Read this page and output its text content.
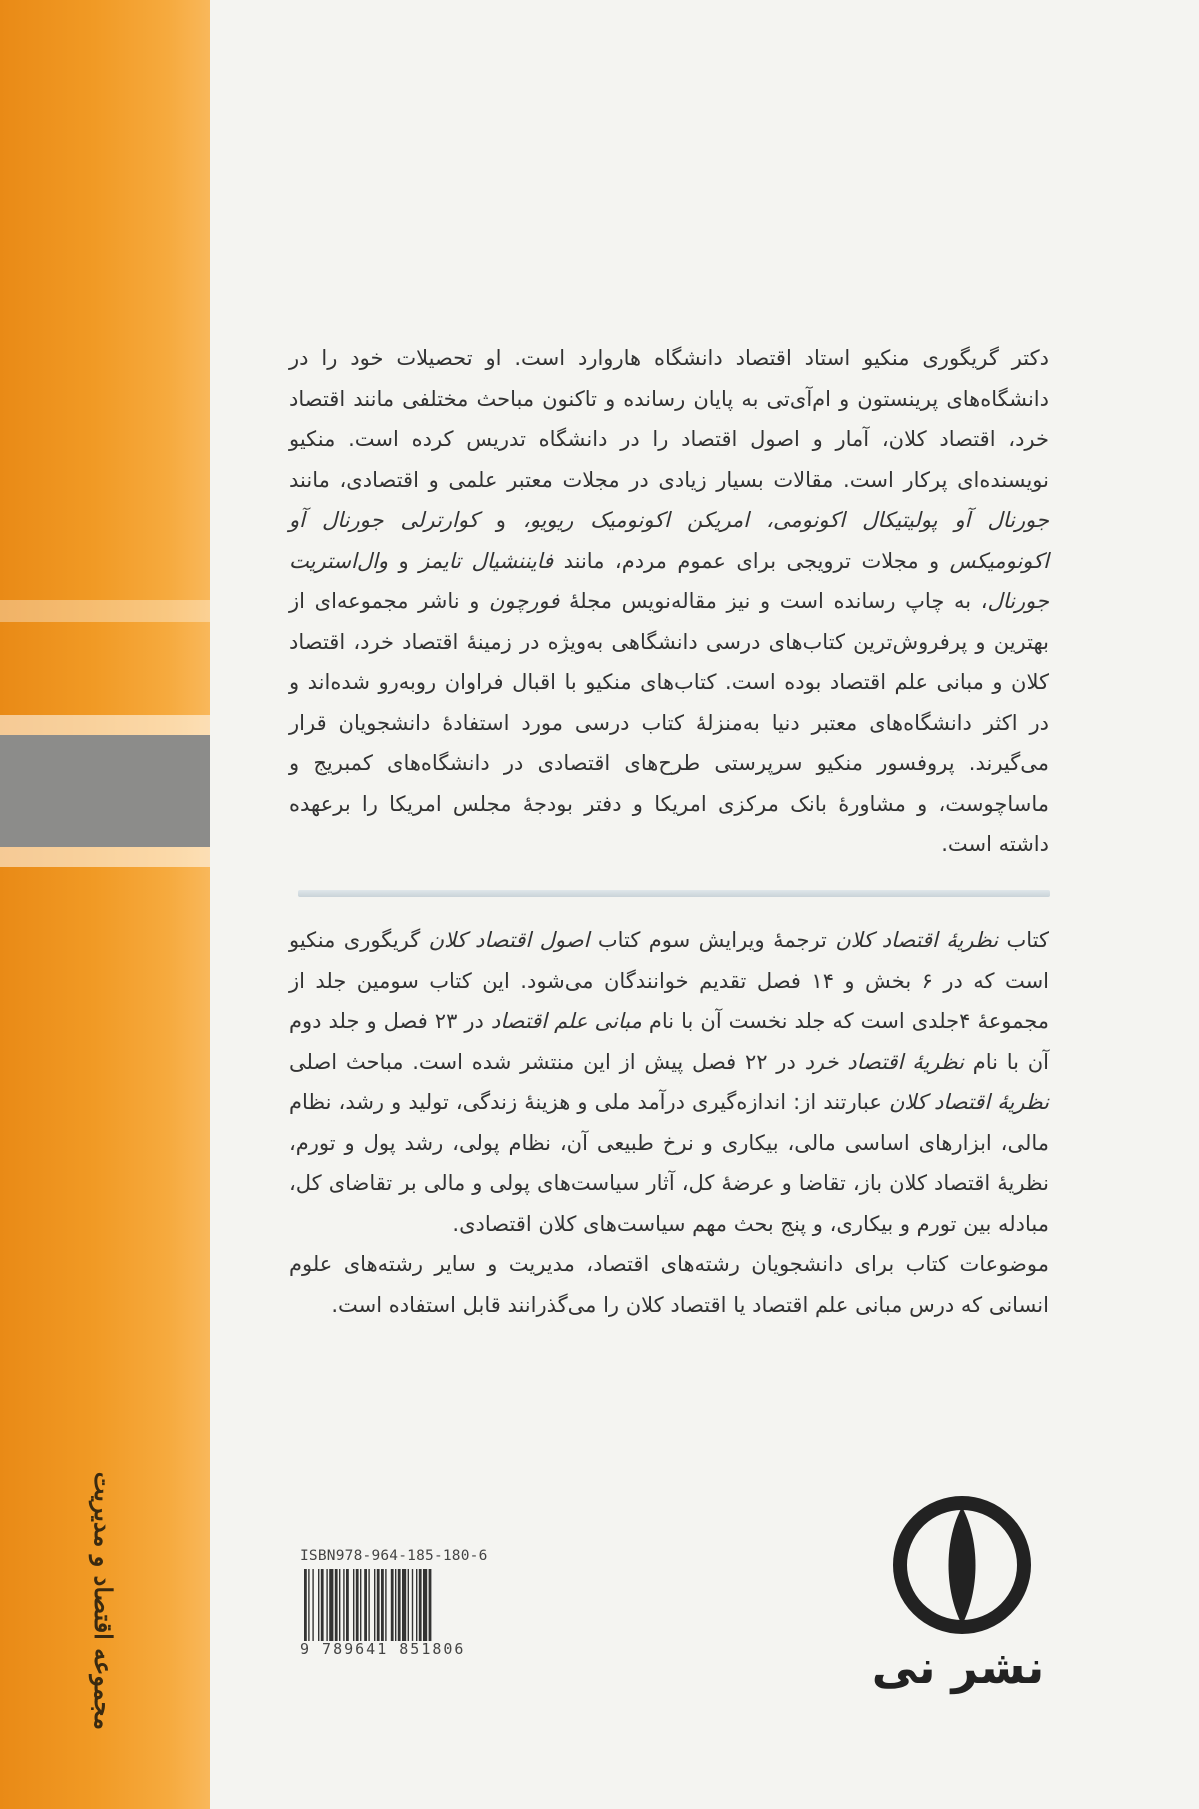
مجموعه اقتصاد و مدیریت

دکتر گریگوری منکیو استاد اقتصاد دانشگاه هاروارد است. او تحصیلات خود را در دانشگاه‌های پرینستون و ام‌آی‌تی به پایان رسانده و تاکنون مباحث مختلفی مانند اقتصاد خرد، اقتصاد کلان، آمار و اصول اقتصاد را در دانشگاه تدریس کرده است. منکیو نویسنده‌ای پرکار است. مقالات بسیار زیادی در مجلات معتبر علمی و اقتصادی، مانند جورنال آو پولیتیکال اکونومی، امریکن اکونومیک ریویو، و کوارترلی جورنال آو اکونومیکس و مجلات ترویجی برای عموم مردم، مانند فایننشیال تایمز و وال‌استریت جورنال، به چاپ رسانده است و نیز مقاله‌نویس مجلهٔ فورچون و ناشر مجموعه‌ای از بهترین و پرفروش‌ترین کتاب‌های درسی دانشگاهی به‌ویژه در زمینهٔ اقتصاد خرد، اقتصاد کلان و مبانی علم اقتصاد بوده است. کتاب‌های منکیو با اقبال فراوان روبه‌رو شده‌اند و در اکثر دانشگاه‌های معتبر دنیا به‌منزلهٔ کتاب درسی مورد استفادهٔ دانشجویان قرار می‌گیرند. پروفسور منکیو سرپرستی طرح‌های اقتصادی در دانشگاه‌های کمبریج و ماساچوست، و مشاورهٔ بانک مرکزی امریکا و دفتر بودجهٔ مجلس امریکا را برعهده داشته است.

کتاب نظریهٔ اقتصاد کلان ترجمهٔ ویرایش سوم کتاب اصول اقتصاد کلان گریگوری منکیو است که در ۶ بخش و ۱۴ فصل تقدیم خوانندگان می‌شود. این کتاب سومین جلد از مجموعهٔ ۴جلدی است که جلد نخست آن با نام مبانی علم اقتصاد در ۲۳ فصل و جلد دوم آن با نام نظریهٔ اقتصاد خرد در ۲۲ فصل پیش از این منتشر شده است. مباحث اصلی نظریهٔ اقتصاد کلان عبارتند از: اندازه‌گیری درآمد ملی و هزینهٔ زندگی، تولید و رشد، نظام مالی، ابزارهای اساسی مالی، بیکاری و نرخ طبیعی آن، نظام پولی، رشد پول و تورم، نظریهٔ اقتصاد کلان باز، تقاضا و عرضهٔ کل، آثار سیاست‌های پولی و مالی بر تقاضای کل، مبادله بین تورم و بیکاری، و پنج بحث مهم سیاست‌های کلان اقتصادی.

موضوعات کتاب برای دانشجویان رشته‌های اقتصاد، مدیریت و سایر رشته‌های علوم انسانی که درس مبانی علم اقتصاد یا اقتصاد کلان را می‌گذرانند قابل استفاده است.

ISBN978-964-185-180-6
9 789641 851806	نشر نی
